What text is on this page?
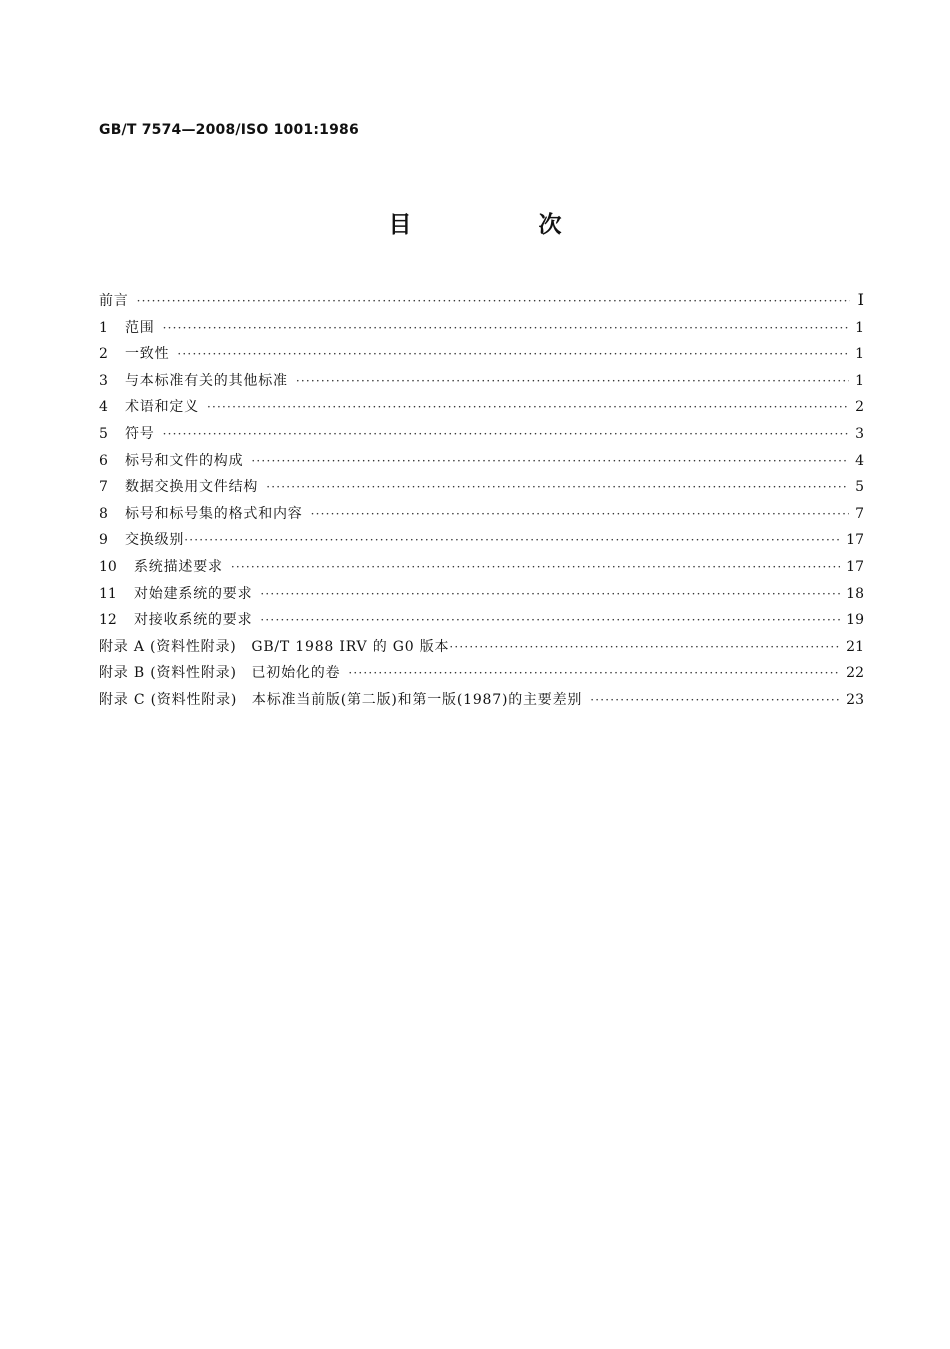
GB/T 7574—2008/ISO 1001:1986
目　次
前言 ·····	I
1	范围 ·····	1
2	一致性 ·····	1
3	与本标准有关的其他标准 ·····	1
4	术语和定义 ·····	2
5	符号 ·····	3
6	标号和文件的构成 ·····	4
7	数据交换用文件结构 ·····	5
8	标号和标号集的格式和内容 ·····	7
9	交换级别 ·····	17
10	系统描述要求 ·····	17
11	对始建系统的要求 ·····	18
12	对接收系统的要求 ·····	19
附录 A (资料性附录)　GB/T 1988 IRV 的 G0 版本 ·····	21
附录 B (资料性附录)　已初始化的卷 ·····	22
附录 C (资料性附录)　本标准当前版(第二版)和第一版(1987)的主要差别 ·····	23
